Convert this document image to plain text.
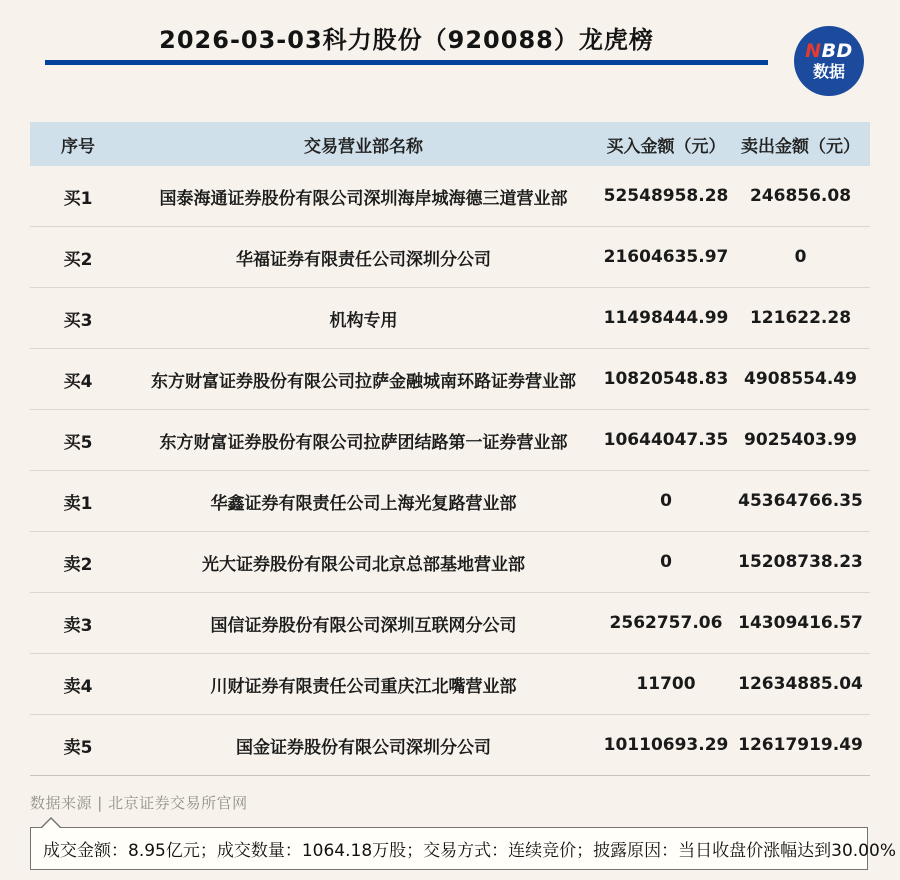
2026-03-03科力股份（920088）龙虎榜	NBD
数据
序号	交易营业部名称	买入金额（元） 卖出金额（元）
买1	国泰海通证券股份有限公司深圳海岸城海德三道营业部	52548958.28	246856.08
买2	华福证券有限责任公司深圳分公司	21604635.97	0
买3	机构专用	11498444.99	121622.28
买4	东方财富证券股份有限公司拉萨金融城南环路证券营业部	10820548.83 4908554.49
买5	东方财富证券股份有限公司拉萨团结路第一证券营业部	10644047.35 9025403.99
卖1	华鑫证券有限责任公司上海光复路营业部	0	45364766.35
卖2	光大证券股份有限公司北京总部基地营业部	0	15208738.23
卖3	国信证券股份有限公司深圳互联网分公司	2562757.06 14309416.57
卖4	川财证券有限责任公司重庆江北嘴营业部	11700	12634885.04
卖5	国金证券股份有限公司深圳分公司	10110693.29 12617919.49
数据来源 | 北京证券交易所官网
成交金额：8.95亿元；成交数量：1064.18万股；交易方式：连续竞价；披露原因：当日收盘价涨幅达到30.00%
